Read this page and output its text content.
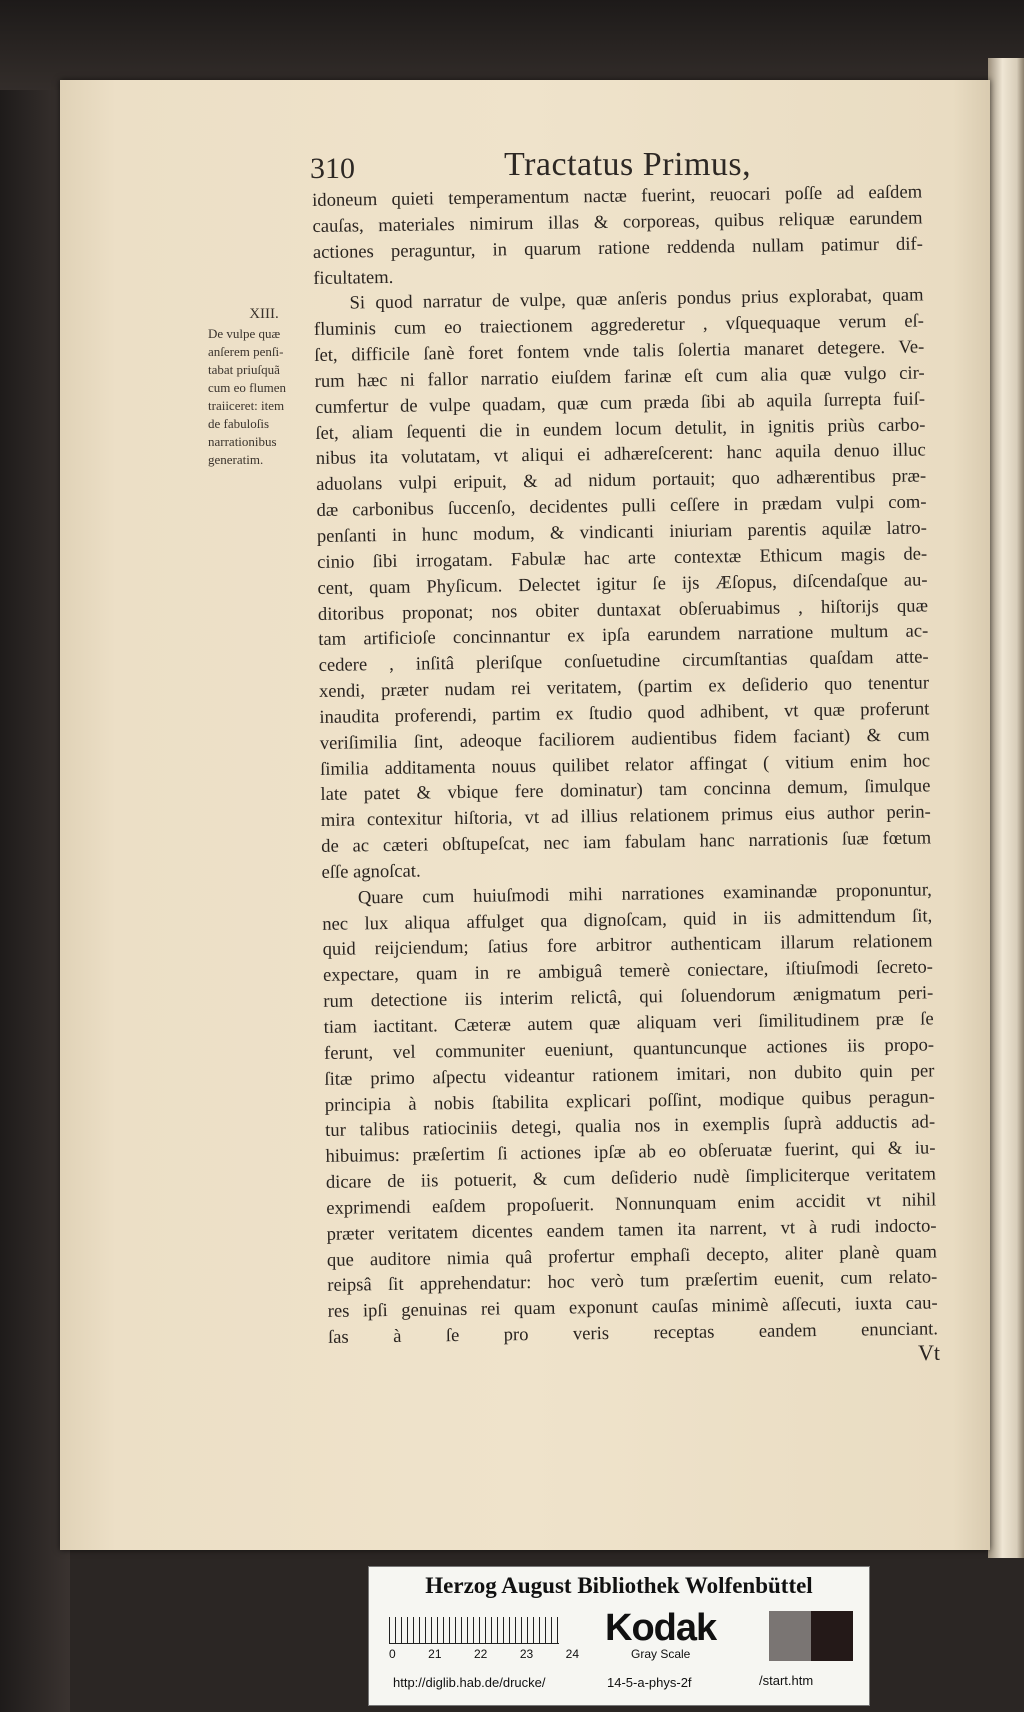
310	Tractatus Primus,
XIII.
De vulpe quæ
anſerem penſi-
tabat priuſquã
cum eo flumen
traiiceret: item
de fabuloſis
narrationibus
generatim.
idoneum quieti temperamentum nactæ fuerint, reuocari poſſe ad eaſdem
cauſas, materiales nimirum illas & corporeas, quibus reliquæ earundem
actiones peraguntur, in quarum ratione reddenda nullam patimur dif-
ficultatem.
Si quod narratur de vulpe, quæ anſeris pondus prius explorabat, quam
fluminis cum eo traiectionem aggrederetur , vſquequaque verum eſ-
ſet, difficile ſanè foret fontem vnde talis ſolertia manaret detegere. Ve-
rum hæc ni fallor narratio eiuſdem farinæ eſt cum alia quæ vulgo cir-
cumfertur de vulpe quadam, quæ cum præda ſibi ab aquila ſurrepta fuiſ-
ſet, aliam ſequenti die in eundem locum detulit, in ignitis priùs carbo-
nibus ita volutatam, vt aliqui ei adhæreſcerent: hanc aquila denuo illuc
aduolans vulpi eripuit, & ad nidum portauit; quo adhærentibus præ-
dæ carbonibus ſuccenſo, decidentes pulli ceſſere in prædam vulpi com-
penſanti in hunc modum, & vindicanti iniuriam parentis aquilæ latro-
cinio ſibi irrogatam. Fabulæ hac arte contextæ Ethicum magis de-
cent, quam Phyſicum. Delectet igitur ſe ijs Æſopus, diſcendaſque au-
ditoribus proponat; nos obiter duntaxat obſeruabimus , hiſtorijs quæ
tam artificioſe concinnantur ex ipſa earundem narratione multum ac-
cedere , inſitâ pleriſque conſuetudine circumſtantias quaſdam atte-
xendi, præter nudam rei veritatem, (partim ex deſiderio quo tenentur
inaudita proferendi, partim ex ſtudio quod adhibent, vt quæ proferunt
veriſimilia ſint, adeoque faciliorem audientibus fidem faciant) & cum
ſimilia additamenta nouus quilibet relator affingat ( vitium enim hoc
late patet & vbique fere dominatur) tam concinna demum, ſimulque
mira contexitur hiſtoria, vt ad illius relationem primus eius author perin-
de ac cæteri obſtupeſcat, nec iam fabulam hanc narrationis ſuæ fœtum
eſſe agnoſcat.
Quare cum huiuſmodi mihi narrationes examinandæ proponuntur,
nec lux aliqua affulget qua dignoſcam, quid in iis admittendum ſit,
quid reijciendum; ſatius fore arbitror authenticam illarum relationem
expectare, quam in re ambiguâ temerè coniectare, iſtiuſmodi ſecreto-
rum detectione iis interim relictâ, qui ſoluendorum ænigmatum peri-
tiam iactitant. Cæteræ autem quæ aliquam veri ſimilitudinem præ ſe
ferunt, vel communiter eueniunt, quantuncunque actiones iis propo-
ſitæ primo aſpectu videantur rationem imitari, non dubito quin per
principia à nobis ſtabilita explicari poſſint, modique quibus peragun-
tur talibus ratiociniis detegi, qualia nos in exemplis ſuprà adductis ad-
hibuimus: præſertim ſi actiones ipſæ ab eo obſeruatæ fuerint, qui & iu-
dicare de iis potuerit, & cum deſiderio nudè ſimpliciterque veritatem
exprimendi eaſdem propoſuerit. Nonnunquam enim accidit vt nihil
præter veritatem dicentes eandem tamen ita narrent, vt à rudi indocto-
que auditore nimia quâ profertur emphaſi decepto, aliter planè quam
reipsâ ſit apprehendatur: hoc verò tum præſertim euenit, cum relato-
res ipſi genuinas rei quam exponunt cauſas minimè aſſecuti, iuxta cau-
ſas à ſe pro veris receptas eandem enunciant.
Vt
Herzog August Bibliothek Wolfenbüttel
0	21	22	23	24
Kodak
Gray Scale
http://diglib.hab.de/drucke/	14-5-a-phys-2f	/start.htm
